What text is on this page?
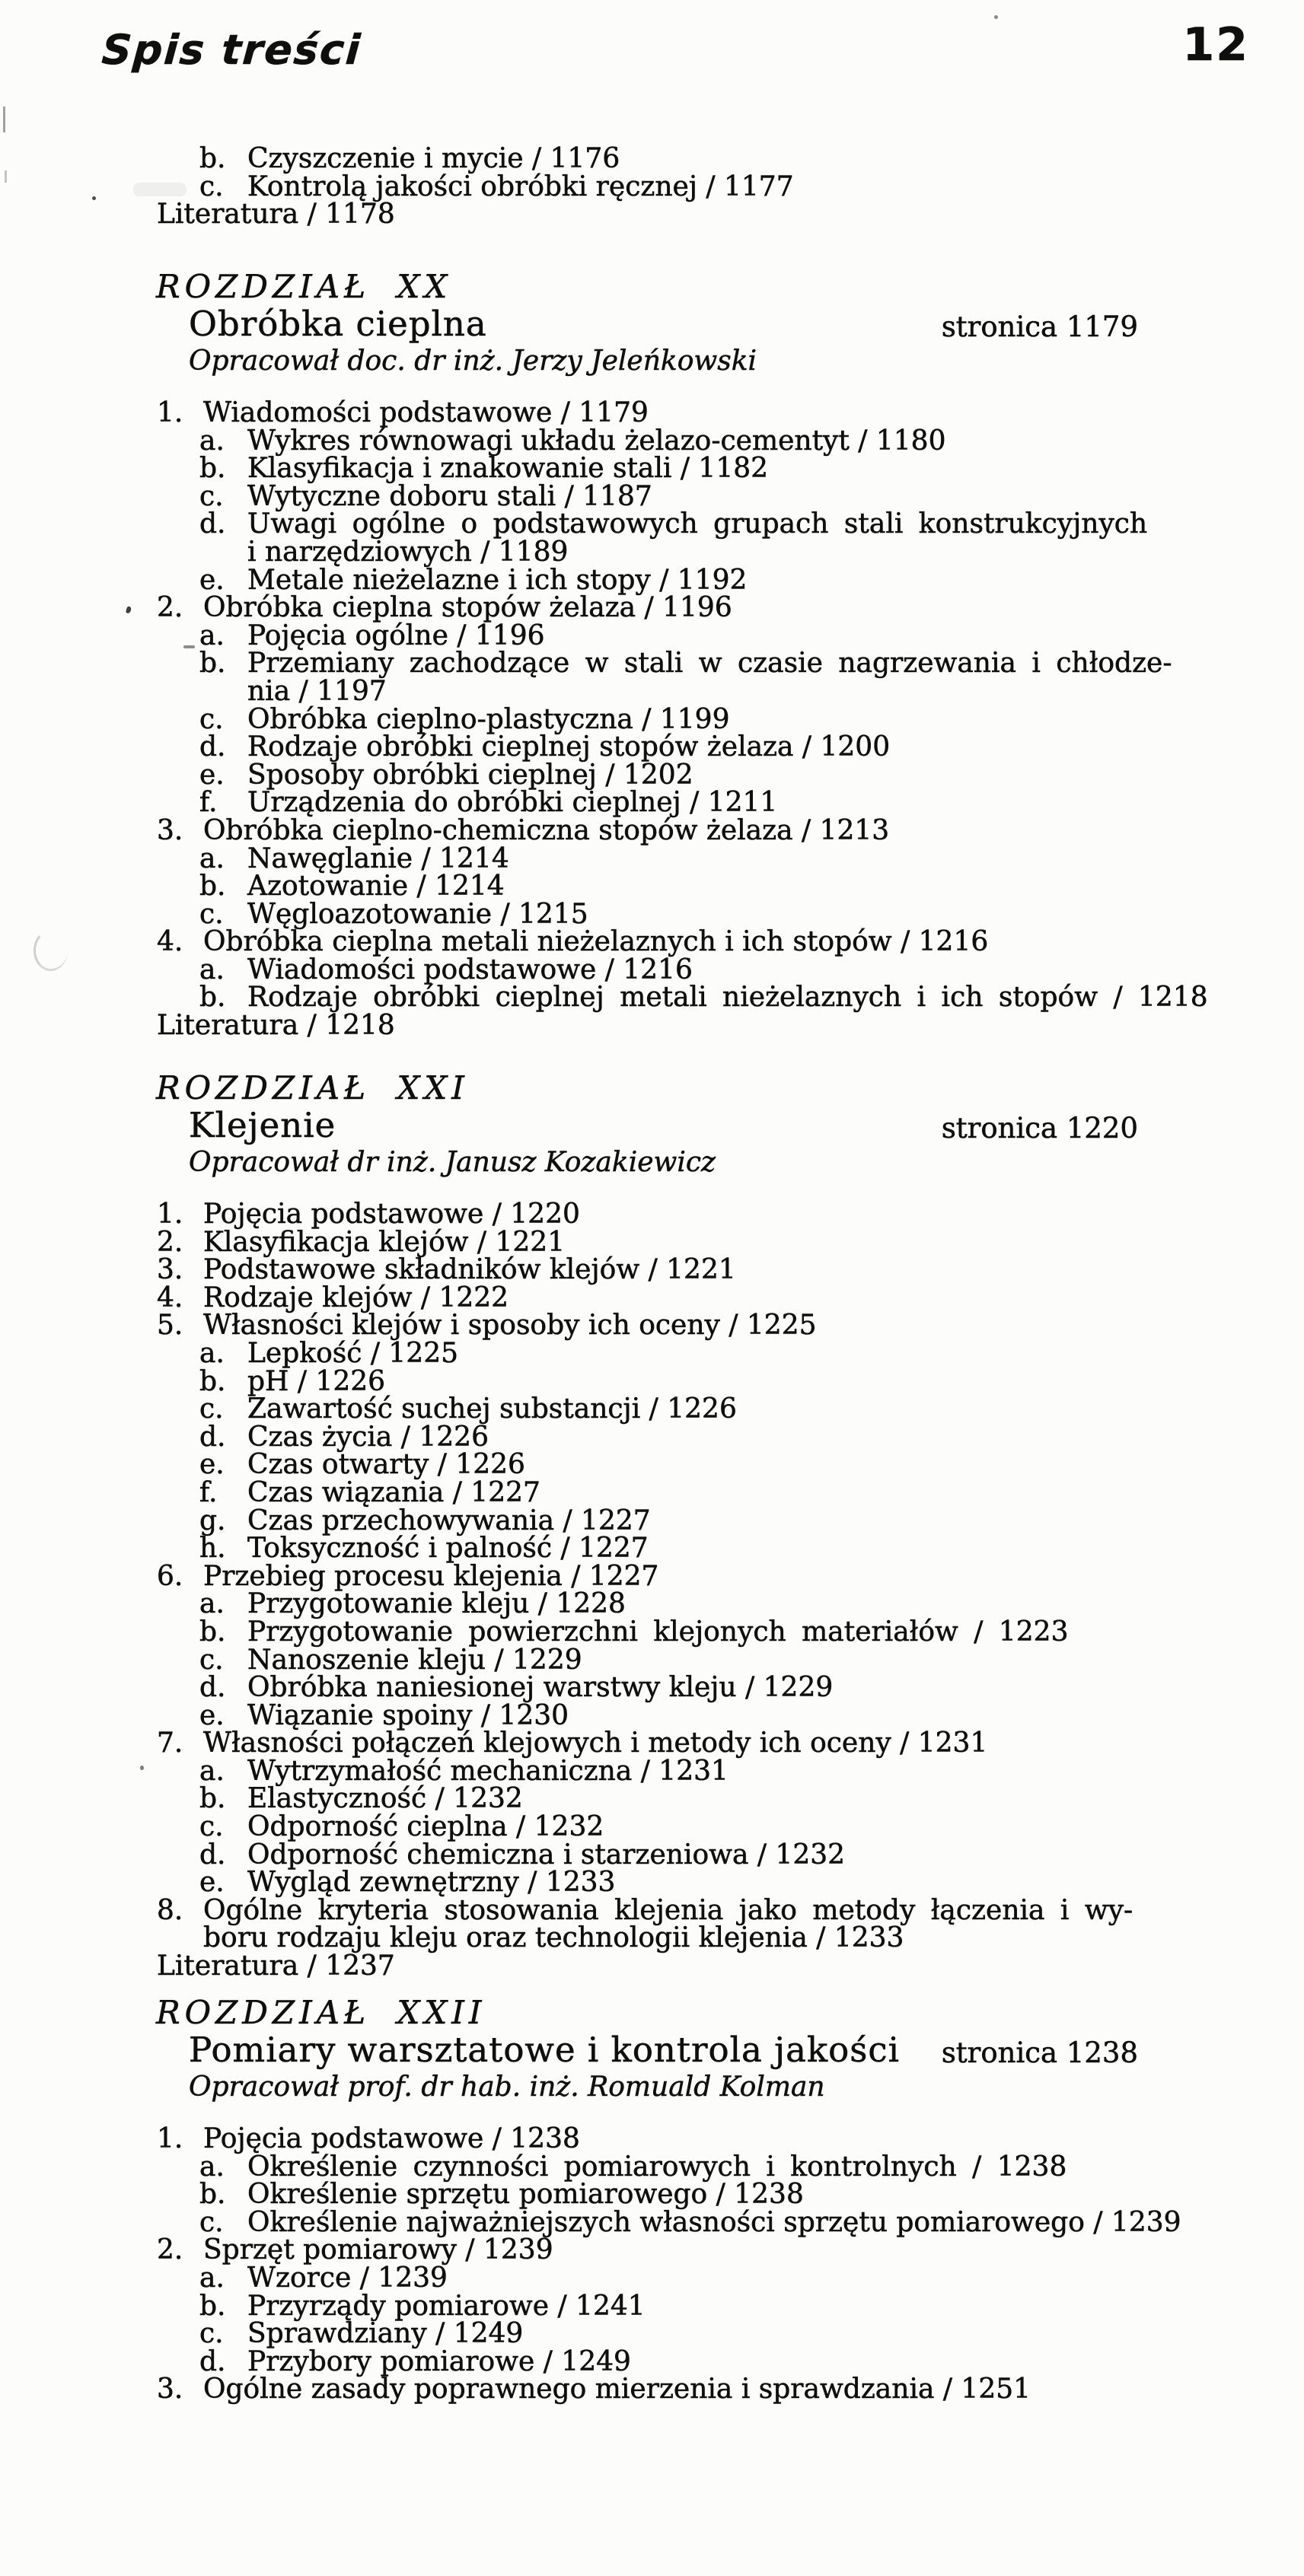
Spis treści	12
b. Czyszczenie i mycie / 1176
c. Kontrolą jakości obróbki ręcznej / 1177
Literatura / 1178
ROZDZIAŁ XX
Obróbka cieplna	stronica 1179
Opracował doc. dr inż. Jerzy Jeleńkowski
1. Wiadomości podstawowe / 1179
a. Wykres równowagi układu żelazo-cementyt / 1180
b. Klasyfikacja i znakowanie stali / 1182
c. Wytyczne doboru stali / 1187
d. Uwagi ogólne o podstawowych grupach stali konstrukcyjnych
i narzędziowych / 1189
e. Metale nieżelazne i ich stopy / 1192
2. Obróbka cieplna stopów żelaza / 1196
a. Pojęcia ogólne / 1196
b. Przemiany zachodzące w stali w czasie nagrzewania i chłodze-
nia / 1197
c. Obróbka cieplno-plastyczna / 1199
d. Rodzaje obróbki cieplnej stopów żelaza / 1200
e. Sposoby obróbki cieplnej / 1202
f. Urządzenia do obróbki cieplnej / 1211
3. Obróbka cieplno-chemiczna stopów żelaza / 1213
a. Nawęglanie / 1214
b. Azotowanie / 1214
c. Węgloazotowanie / 1215
4. Obróbka cieplna metali nieżelaznych i ich stopów / 1216
a. Wiadomości podstawowe / 1216
b. Rodzaje obróbki cieplnej metali nieżelaznych i ich stopów / 1218
Literatura / 1218
ROZDZIAŁ XXI
Klejenie	stronica 1220
Opracował dr inż. Janusz Kozakiewicz
1. Pojęcia podstawowe / 1220
2. Klasyfikacja klejów / 1221
3. Podstawowe składników klejów / 1221
4. Rodzaje klejów / 1222
5. Własności klejów i sposoby ich oceny / 1225
a. Lepkość / 1225
b. pH / 1226
c. Zawartość suchej substancji / 1226
d. Czas życia / 1226
e. Czas otwarty / 1226
f. Czas wiązania / 1227
g. Czas przechowywania / 1227
h. Toksyczność i palność / 1227
6. Przebieg procesu klejenia / 1227
a. Przygotowanie kleju / 1228
b. Przygotowanie powierzchni klejonych materiałów / 1223
c. Nanoszenie kleju / 1229
d. Obróbka naniesionej warstwy kleju / 1229
e. Wiązanie spoiny / 1230
7. Własności połączeń klejowych i metody ich oceny / 1231
a. Wytrzymałość mechaniczna / 1231
b. Elastyczność / 1232
c. Odporność cieplna / 1232
d. Odporność chemiczna i starzeniowa / 1232
e. Wygląd zewnętrzny / 1233
8. Ogólne kryteria stosowania klejenia jako metody łączenia i wy-
boru rodzaju kleju oraz technologii klejenia / 1233
Literatura / 1237
ROZDZIAŁ XXII
Pomiary warsztatowe i kontrola jakości stronica 1238
Opracował prof. dr hab. inż. Romuald Kolman
1. Pojęcia podstawowe / 1238
a. Określenie czynności pomiarowych i kontrolnych / 1238
b. Określenie sprzętu pomiarowego / 1238
c. Określenie najważniejszych własności sprzętu pomiarowego / 1239
2. Sprzęt pomiarowy / 1239
a. Wzorce / 1239
b. Przyrządy pomiarowe / 1241
c. Sprawdziany / 1249
d. Przybory pomiarowe / 1249
3. Ogólne zasady poprawnego mierzenia i sprawdzania / 1251
